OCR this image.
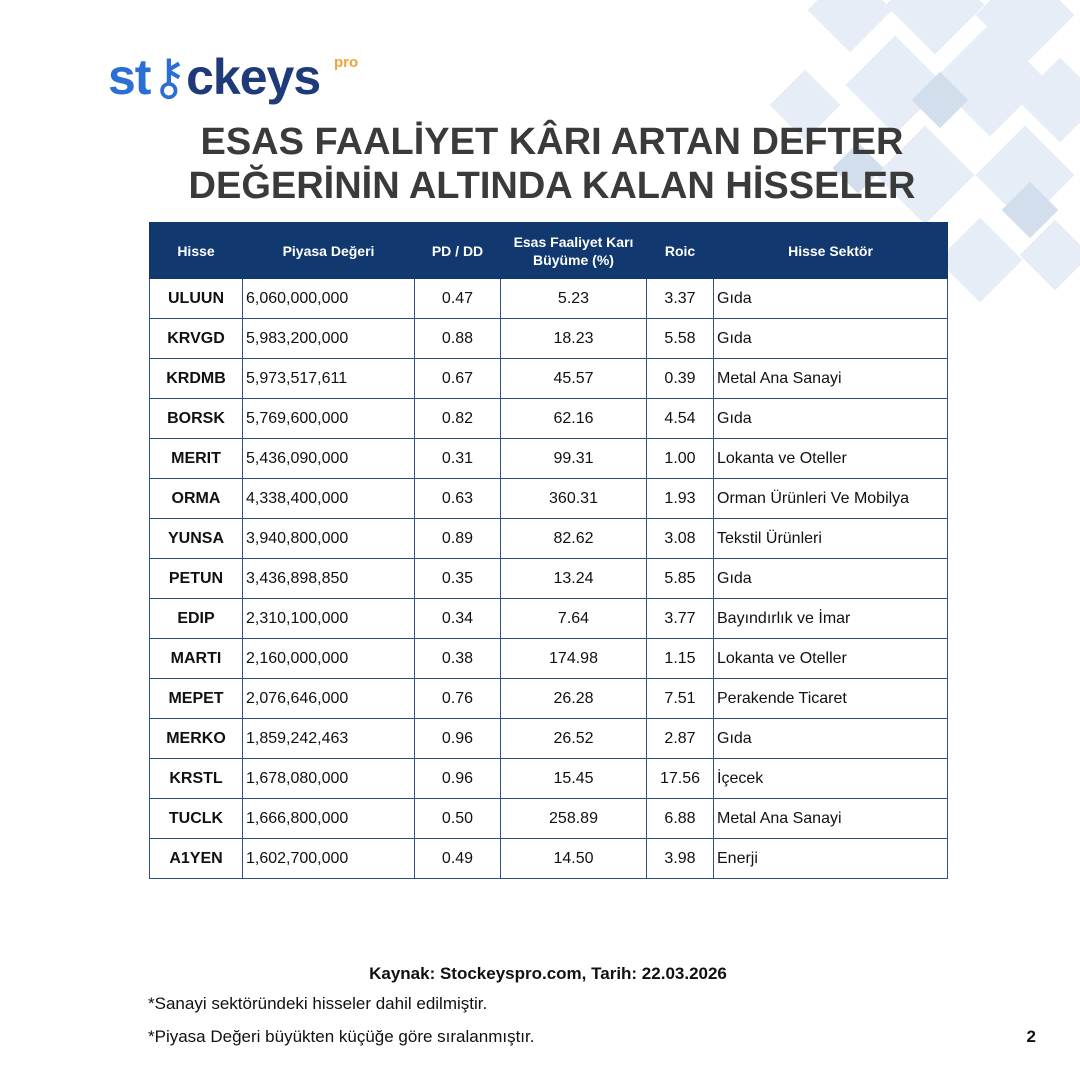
st⚷ckeys pro
ESAS FAALİYET KÂRI ARTAN DEFTER
DEĞERİNİN ALTINDA KALAN HİSSELER
Hisse	Piyasa Değeri	PD / DD	Esas Faaliyet Karı Büyüme (%)	Roic	Hisse Sektör
ULUUN	6,060,000,000	0.47	5.23	3.37	Gıda
KRVGD	5,983,200,000	0.88	18.23	5.58	Gıda
KRDMB	5,973,517,611	0.67	45.57	0.39	Metal Ana Sanayi
BORSK	5,769,600,000	0.82	62.16	4.54	Gıda
MERIT	5,436,090,000	0.31	99.31	1.00	Lokanta ve Oteller
ORMA	4,338,400,000	0.63	360.31	1.93	Orman Ürünleri Ve Mobilya
YUNSA	3,940,800,000	0.89	82.62	3.08	Tekstil Ürünleri
PETUN	3,436,898,850	0.35	13.24	5.85	Gıda
EDIP	2,310,100,000	0.34	7.64	3.77	Bayındırlık ve İmar
MARTI	2,160,000,000	0.38	174.98	1.15	Lokanta ve Oteller
MEPET	2,076,646,000	0.76	26.28	7.51	Perakende Ticaret
MERKO	1,859,242,463	0.96	26.52	2.87	Gıda
KRSTL	1,678,080,000	0.96	15.45	17.56	İçecek
TUCLK	1,666,800,000	0.50	258.89	6.88	Metal Ana Sanayi
A1YEN	1,602,700,000	0.49	14.50	3.98	Enerji
Kaynak: Stockeyspro.com, Tarih: 22.03.2026
*Sanayi sektöründeki hisseler dahil edilmiştir.
*Piyasa Değeri büyükten küçüğe göre sıralanmıştır.	2
